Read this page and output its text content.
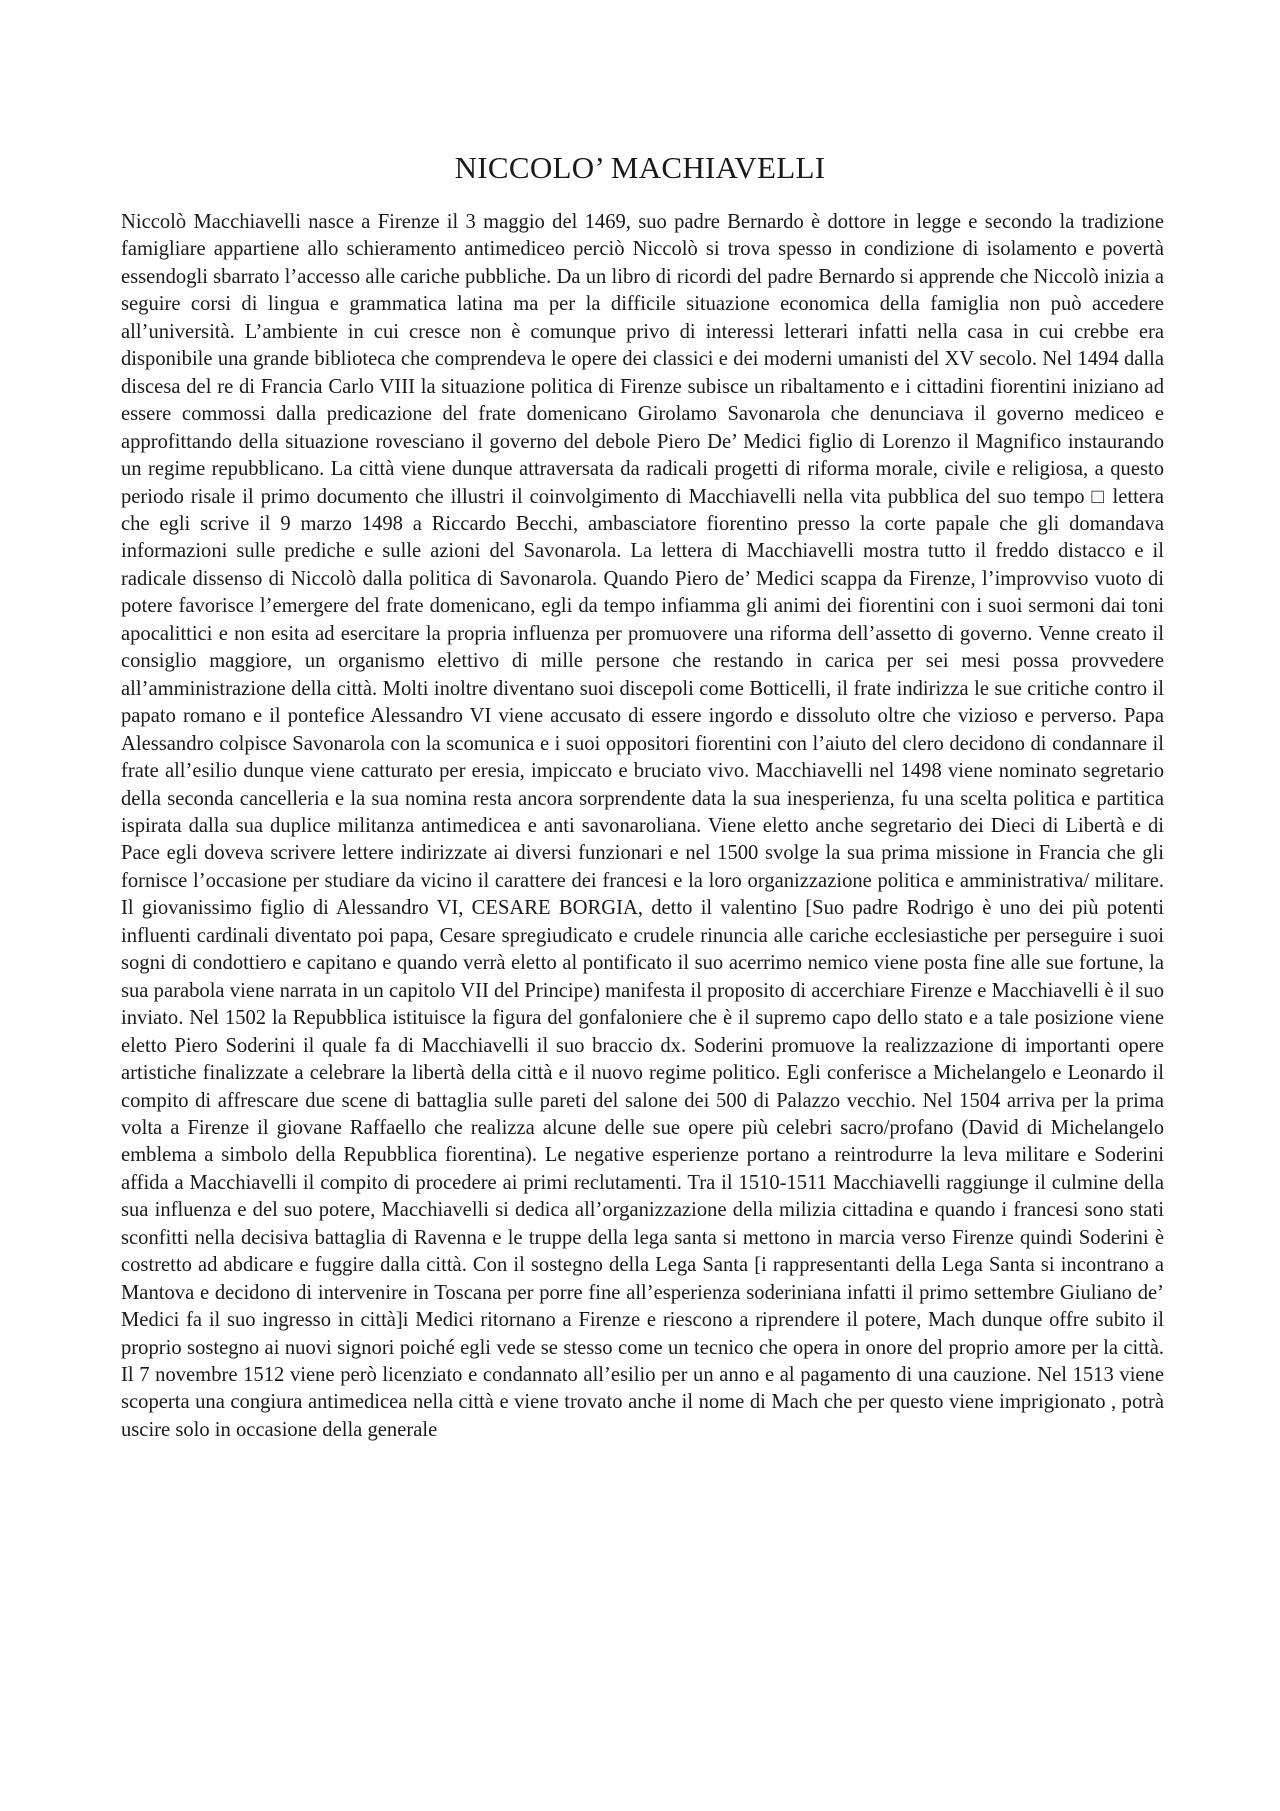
NICCOLO’ MACHIAVELLI

Niccolò Macchiavelli nasce a Firenze il 3 maggio del 1469, suo padre Bernardo è dottore in legge e secondo la tradizione famigliare appartiene allo schieramento antimediceo perciò Niccolò si trova spesso in condizione di isolamento e povertà essendogli sbarrato l’accesso alle cariche pubbliche. Da un libro di ricordi del padre Bernardo si apprende che Niccolò inizia a seguire corsi di lingua e grammatica latina ma per la difficile situazione economica della famiglia non può accedere all’università. L’ambiente in cui cresce non è comunque privo di interessi letterari infatti nella casa in cui crebbe era disponibile una grande biblioteca che comprendeva le opere dei classici e dei moderni umanisti del XV secolo. Nel 1494 dalla discesa del re di Francia Carlo VIII la situazione politica di Firenze subisce un ribaltamento e i cittadini fiorentini iniziano ad essere commossi dalla predicazione del frate domenicano Girolamo Savonarola che denunciava il governo mediceo e approfittando della situazione rovesciano il governo del debole Piero De’ Medici figlio di Lorenzo il Magnifico instaurando un regime repubblicano. La città viene dunque attraversata da radicali progetti di riforma morale, civile e religiosa, a questo periodo risale il primo documento che illustri il coinvolgimento di Macchiavelli nella vita pubblica del suo tempo □ lettera che egli scrive il 9 marzo 1498 a Riccardo Becchi, ambasciatore fiorentino presso la corte papale che gli domandava informazioni sulle prediche e sulle azioni del Savonarola. La lettera di Macchiavelli mostra tutto il freddo distacco e il radicale dissenso di Niccolò dalla politica di Savonarola. Quando Piero de’ Medici scappa da Firenze, l’improvviso vuoto di potere favorisce l’emergere del frate domenicano, egli da tempo infiamma gli animi dei fiorentini con i suoi sermoni dai toni apocalittici e non esita ad esercitare la propria influenza per promuovere una riforma dell’assetto di governo. Venne creato il consiglio maggiore, un organismo elettivo di mille persone che restando in carica per sei mesi possa provvedere all’amministrazione della città. Molti inoltre diventano suoi discepoli come Botticelli, il frate indirizza le sue critiche contro il papato romano e il pontefice Alessandro VI viene accusato di essere ingordo e dissoluto oltre che vizioso e perverso. Papa Alessandro colpisce Savonarola con la scomunica e i suoi oppositori fiorentini con l’aiuto del clero decidono di condannare il frate all’esilio dunque viene catturato per eresia, impiccato e bruciato vivo. Macchiavelli nel 1498 viene nominato segretario della seconda cancelleria e la sua nomina resta ancora sorprendente data la sua inesperienza, fu una scelta politica e partitica ispirata dalla sua duplice militanza antimedicea e anti savonaroliana. Viene eletto anche segretario dei Dieci di Libertà e di Pace egli doveva scrivere lettere indirizzate ai diversi funzionari e nel 1500 svolge la sua prima missione in Francia che gli fornisce l’occasione per studiare da vicino il carattere dei francesi e la loro organizzazione politica e amministrativa/ militare. Il giovanissimo figlio di Alessandro VI, CESARE BORGIA, detto il valentino [Suo padre Rodrigo è uno dei più potenti influenti cardinali diventato poi papa, Cesare spregiudicato e crudele rinuncia alle cariche ecclesiastiche per perseguire i suoi sogni di condottiero e capitano e quando verrà eletto al pontificato il suo acerrimo nemico viene posta fine alle sue fortune, la sua parabola viene narrata in un capitolo VII del Principe) manifesta il proposito di accerchiare Firenze e Macchiavelli è il suo inviato. Nel 1502 la Repubblica istituisce la figura del gonfaloniere che è il supremo capo dello stato e a tale posizione viene eletto Piero Soderini il quale fa di Macchiavelli il suo braccio dx. Soderini promuove la realizzazione di importanti opere artistiche finalizzate a celebrare la libertà della città e il nuovo regime politico. Egli conferisce a Michelangelo e Leonardo il compito di affrescare due scene di battaglia sulle pareti del salone dei 500 di Palazzo vecchio. Nel 1504 arriva per la prima volta a Firenze il giovane Raffaello che realizza alcune delle sue opere più celebri sacro/profano (David di Michelangelo emblema a simbolo della Repubblica fiorentina). Le negative esperienze portano a reintrodurre la leva militare e Soderini affida a Macchiavelli il compito di procedere ai primi reclutamenti. Tra il 1510-1511 Macchiavelli raggiunge il culmine della sua influenza e del suo potere, Macchiavelli si dedica all’organizzazione della milizia cittadina e quando i francesi sono stati sconfitti nella decisiva battaglia di Ravenna e le truppe della lega santa si mettono in marcia verso Firenze quindi Soderini è costretto ad abdicare e fuggire dalla città. Con il sostegno della Lega Santa [i rappresentanti della Lega Santa si incontrano a Mantova e decidono di intervenire in Toscana per porre fine all’esperienza soderiniana infatti il primo settembre Giuliano de’ Medici fa il suo ingresso in città]i Medici ritornano a Firenze e riescono a riprendere il potere, Mach dunque offre subito il proprio sostegno ai nuovi signori poiché egli vede se stesso come un tecnico che opera in onore del proprio amore per la città. Il 7 novembre 1512 viene però licenziato e condannato all’esilio per un anno e al pagamento di una cauzione. Nel 1513 viene scoperta una congiura antimedicea nella città e viene trovato anche il nome di Mach che per questo viene imprigionato , potrà uscire solo in occasione della generale
